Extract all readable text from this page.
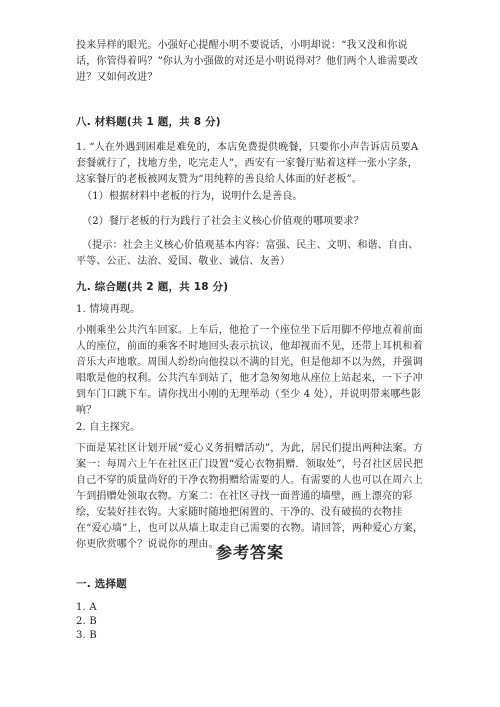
投来异样的眼光。小强好心提醒小明不要说话，小明却说：“我又没和你说话，你管得着吗？”你认为小强做的对还是小明说得对？他们两个人谁需要改进？又如何改进？

八. 材料题(共 1 题，共 8 分)

1. “人在外遇到困难是难免的，本店免费提供晚餐，只要你小声告诉店员要A套餐就行了，找地方坐，吃完走人”，西安有一家餐厅贴着这样一张小字条，这家餐厅的老板被网友赞为“用纯粹的善良给人体面的好老板”。

（1）根据材料中老板的行为，说明什么是善良。

（2）餐厅老板的行为践行了社会主义核心价值观的哪项要求？

（提示：社会主义核心价值观基本内容：富强、民主、文明、和谐、自由、平等、公正、法治、爱国、敬业、诚信、友善）

九. 综合题(共 2 题，共 18 分)

1. 情境再现。

小刚乘坐公共汽车回家。上车后，他抢了一个座位坐下后用脚不停地点着前面人的座位，前面的乘客不时地回头表示抗议，他却视而不见，还带上耳机和着音乐大声地歌。周围人纷纷向他投以不满的目光，但是他却不以为然，并强调唱歌是他的权利。公共汽车到站了，他才急匆匆地从座位上站起来，一下子冲到车门口跳下车。请你找出小刚的无理举动（至少 4 处），并说明带来哪些影响？

2. 自主探究。

下面是某社区计划开展“爱心义务捐赠活动”，为此，居民们提出两种法案。方案一：每周六上午在社区正门设置“爱心衣物捐赠．领取处”，号召社区居民把自己不穿的质量尚好的干净衣物捐赠给需要的人。有需要的人也可以在周六上午到捐赠处领取衣物。方案二：在社区寻找一面普通的墙壁，画上漂亮的彩绘，安装好挂衣钩。大家随时随地把闲置的、干净的、没有破损的衣物挂在“爱心墙”上，也可以从墙上取走自己需要的衣物。请回答，两种爱心方案，你更欣赏哪个？说说你的理由。

参考答案

一. 选择题

1. A

2. B

3. B
